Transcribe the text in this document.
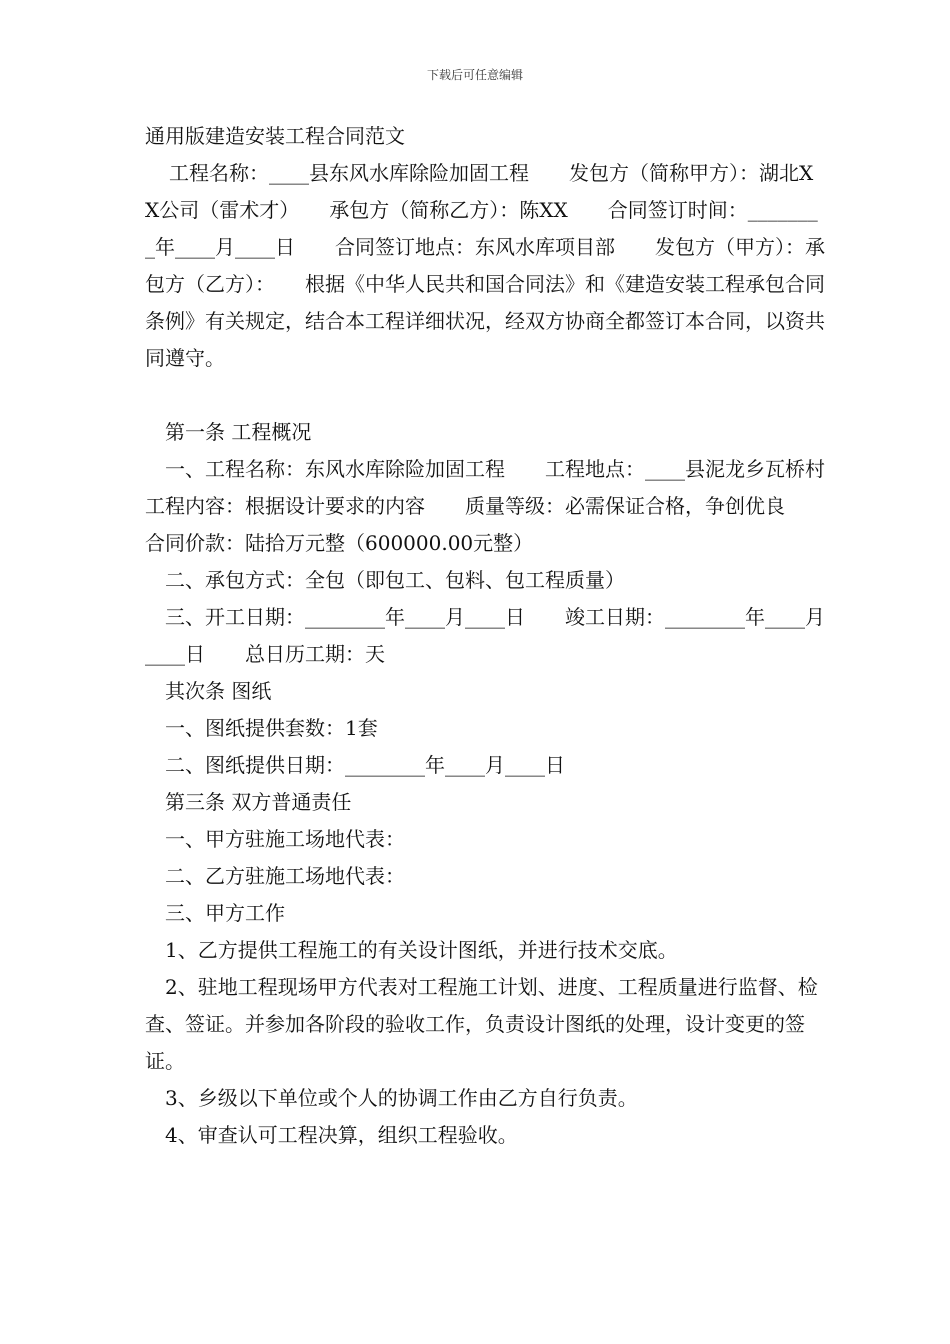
下载后可任意编辑

通用版建造安装工程合同范文

工程名称：____县东风水库除险加固工程　　发包方（简称甲方）：湖北XX公司（雷术才）　　承包方（简称乙方）：陈XX　　合同签订时间：________年____月____日　　合同签订地点：东风水库项目部　　发包方（甲方）：承包方（乙方）：　　根据《中华人民共和国合同法》和《建造安装工程承包合同条例》有关规定，结合本工程详细状况，经双方协商全都签订本合同，以资共同遵守。

第一条 工程概况

一、工程名称：东风水库除险加固工程　　工程地点：____县泥龙乡瓦桥村　　工程内容：根据设计要求的内容　　质量等级：必需保证合格，争创优良　　合同价款：陆拾万元整（600000.00元整）

二、承包方式：全包（即包工、包料、包工程质量）

三、开工日期：________年____月____日　　竣工日期：________年____月____日　　总日历工期：天

其次条 图纸

一、图纸提供套数：1套

二、图纸提供日期：________年____月____日

第三条 双方普通责任

一、甲方驻施工场地代表：

二、乙方驻施工场地代表：

三、甲方工作

1、乙方提供工程施工的有关设计图纸，并进行技术交底。

2、驻地工程现场甲方代表对工程施工计划、进度、工程质量进行监督、检查、签证。并参加各阶段的验收工作，负责设计图纸的处理，设计变更的签证。

3、乡级以下单位或个人的协调工作由乙方自行负责。

4、审查认可工程决算，组织工程验收。
